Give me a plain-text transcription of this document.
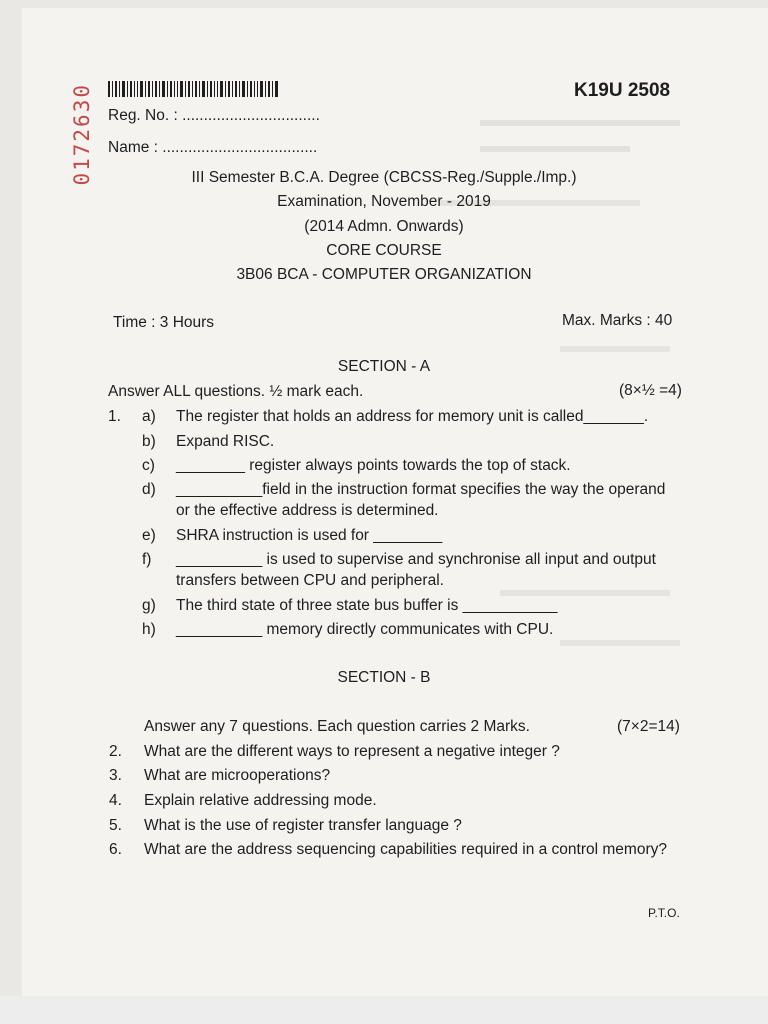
0172630	K19U 2508
Reg. No. : ................................
Name : ....................................
III Semester B.C.A. Degree (CBCSS-Reg./Supple./Imp.)
Examination, November - 2019
(2014 Admn. Onwards)
CORE COURSE
3B06 BCA - COMPUTER ORGANIZATION
Time : 3 Hours	Max. Marks : 40
SECTION - A
Answer ALL questions. ½ mark each.	(8×½ =4)
1. a) The register that holds an address for memory unit is called_______.
b) Expand RISC.
c) ________ register always points towards the top of stack.
d) __________field in the instruction format specifies the way the operand
or the effective address is determined.
e) SHRA instruction is used for ________
f) __________ is used to supervise and synchronise all input and output
transfers between CPU and peripheral.
g) The third state of three state bus buffer is ___________
h) __________ memory directly communicates with CPU.
SECTION - B
Answer any 7 questions. Each question carries 2 Marks.	(7×2=14)
2. What are the different ways to represent a negative integer ?
3. What are microoperations?
4. Explain relative addressing mode.
5. What is the use of register transfer language ?
6. What are the address sequencing capabilities required in a control memory?
P.T.O.
